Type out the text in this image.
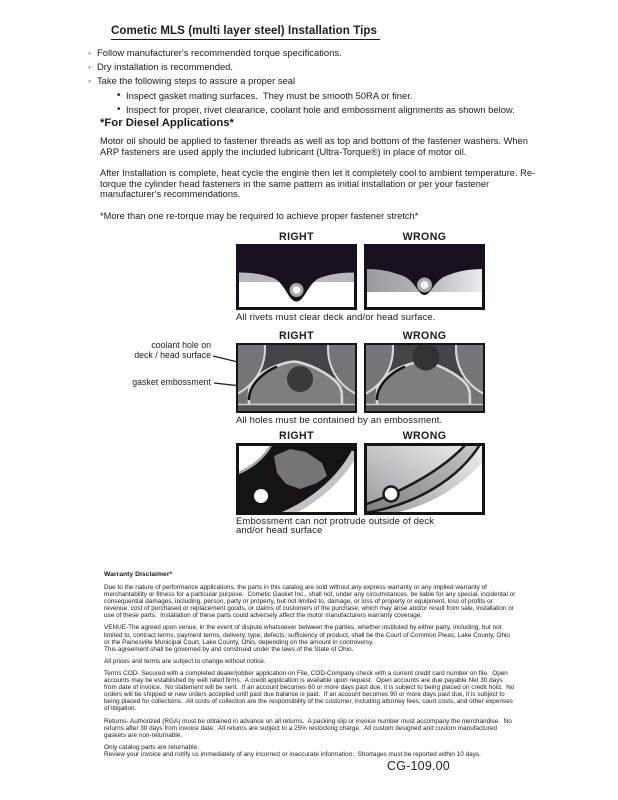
Cometic MLS (multi layer steel) Installation Tips
◦ Follow manufacturer's recommended torque specifications.
◦ Dry installation is recommended.
◦ Take the following steps to assure a proper seal
• Inspect gasket mating surfaces.  They must be smooth 50RA or finer.
• Inspect for proper, rivet clearance, coolant hole and embossment alignments as shown below.
*For Diesel Applications*

Motor oil should be applied to fastener threads as well as top and bottom of the fastener washers. When ARP fasteners are used apply the included lubricant (Ultra-Torque®) in place of motor oil.

After Installation is complete, heat cycle the engine then let it completely cool to ambient temperature. Re-torque the cylinder head fasteners in the same pattern as initial installation or per your fastener manufacturer's recommendations.

*More than one re-torque may be required to achieve proper fastener stretch*

RIGHT	WRONG
All rivets must clear deck and/or head surface.
coolant hole on
deck / head surface
gasket embossment
RIGHT	WRONG
All holes must be contained by an embossment.
RIGHT	WRONG
Embossment can not protrude outside of deck
and/or head surface
Warranty Disclaimer*
Due to the nature of performance applications, the parts in this catalog are sold without any express warranty or any implied warranty of merchantability or fitness for a particular purpose.  Cometic Gasket Inc., shall not, under any circumstances, be liable for any special, incidental or consequential damages, including, person, party or property, but not limited to, damage, or loss of property or equipment, loss of profits or revenue, cost of purchased or replacement goods, or claims of customers of the purchase, which may arise and/or result from sale, installation or use of these parts.  Installation of these parts could adversely affect the motor manufacturers warranty coverage.
VENUE-The agreed upon venue, in the event of dispute whatsoever between the parties, whether instituted by either party, including, but not limited to, contract terms, payment terms, delivery, type, defects, sufficiency of product, shall be the Court of Common Pleas, Lake County, Ohio or the Painesville Municipal Court, Lake County, Ohio, depending on the amount in controversy.
This agreement shall be governed by and construed under the laws of the State of Ohio.
All prices and terms are subject to change without notice.
Terms COD- Secured with a completed dealer/jobber application on File, COD-Company check with a current credit card number on file.  Open accounts may be established by well rated firms.  A credit application is available upon request.  Open accounts are due payable Net 30 days from date of invoice.  No statement will be sent.  If an account becomes 60 or more days past due, it is subject to being placed on credit hold.  No orders will be shipped or new orders accepted until past due balance is paid.  If an account becomes 90 or more days past due, it is subject to being placed for collections.  All costs of collection are the responsibility of the customer, including attorney fees, court costs, and other expenses of litigation.
Returns- Authorized (RGA) must be obtained in advance on all returns.  A packing slip or invoice number must accompany the merchandise.  No returns after 30 days from invoice date.  All returns are subject to a 25% restocking charge.  All custom designed and custom manufactured gaskets are non-returnable.
Only catalog parts are returnable.
Review your invoice and notify us immediately of any incorrect or inaccurate information.  Shortages must be reported within 10 days.
CG-109.00
